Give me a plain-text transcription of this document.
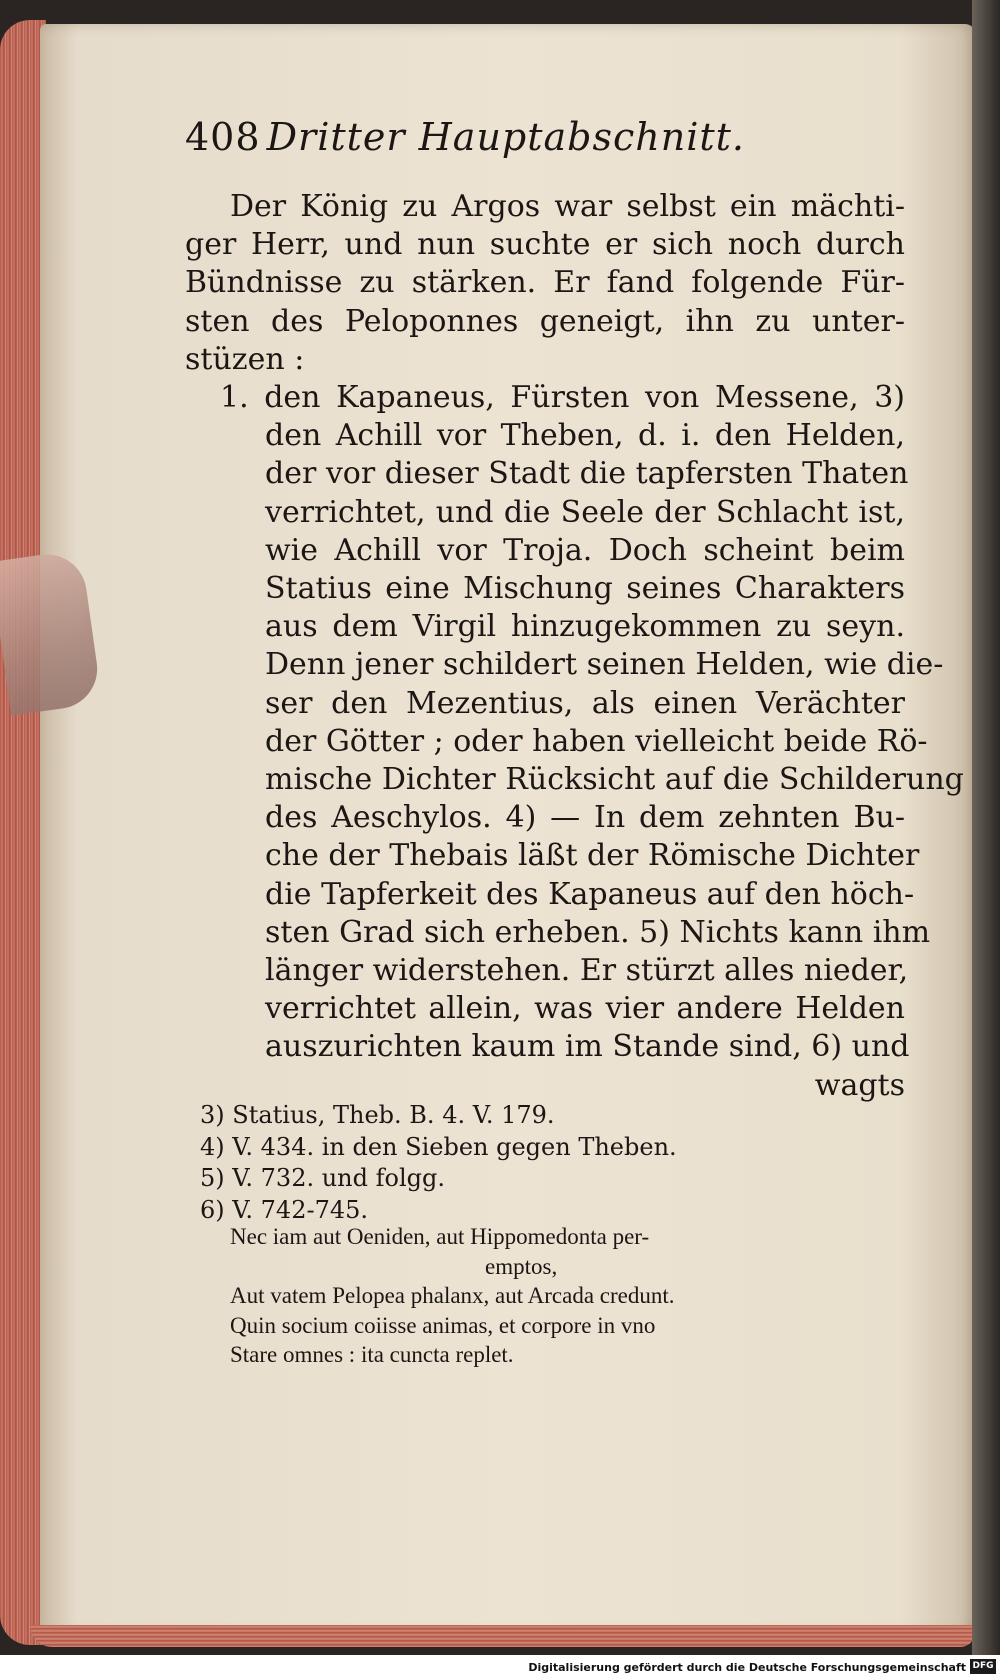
408 Dritter Hauptabschnitt.
Der König zu Argos war selbst ein mächti-
ger Herr, und nun suchte er sich noch durch
Bündnisse zu stärken. Er fand folgende Für-
sten des Peloponnes geneigt, ihn zu unter-
stüzen :
1. den Kapaneus, Fürsten von Messene, 3)
den Achill vor Theben, d. i. den Helden,
der vor dieser Stadt die tapfersten Thaten
verrichtet, und die Seele der Schlacht ist,
wie Achill vor Troja. Doch scheint beim
Statius eine Mischung seines Charakters
aus dem Virgil hinzugekommen zu seyn.
Denn jener schildert seinen Helden, wie die-
ser den Mezentius, als einen Verächter
der Götter ; oder haben vielleicht beide Rö-
mische Dichter Rücksicht auf die Schilderung
des Aeschylos. 4) — In dem zehnten Bu-
che der Thebais läßt der Römische Dichter
die Tapferkeit des Kapaneus auf den höch-
sten Grad sich erheben. 5) Nichts kann ihm
länger widerstehen. Er stürzt alles nieder,
verrichtet allein, was vier andere Helden
auszurichten kaum im Stande sind, 6) und
wagts
3) Statius, Theb. B. 4. V. 179.
4) V. 434. in den Sieben gegen Theben.
5) V. 732. und folgg.
6) V. 742-745.
Nec iam aut Oeniden, aut Hippomedonta per-
emptos,
Aut vatem Pelopea phalanx, aut Arcada credunt.
Quin socium coiisse animas, et corpore in vno
Stare omnes : ita cuncta replet.
Digitalisierung gefördert durch die Deutsche Forschungsgemeinschaft DFG
